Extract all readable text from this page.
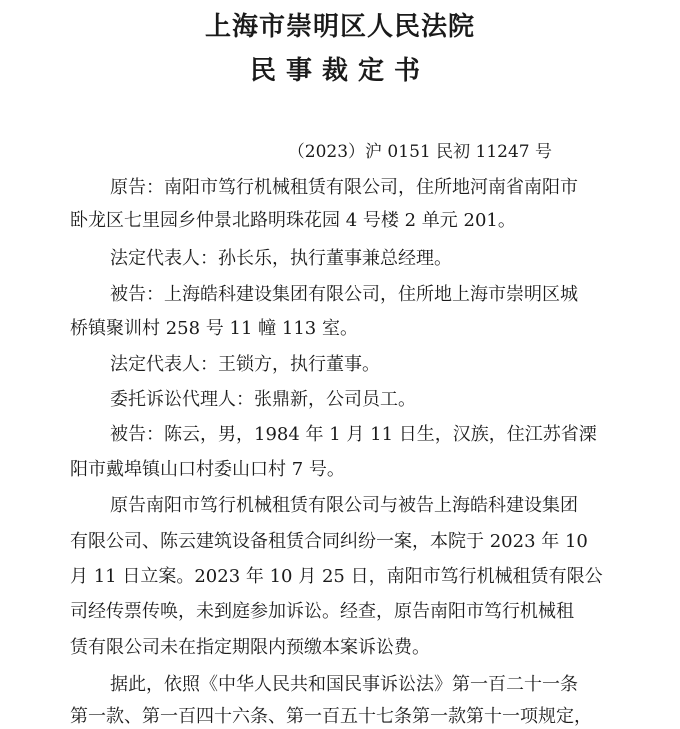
上海市崇明区人民法院
民事裁定书
（2023）沪 0151 民初 11247 号
原告：南阳市笃行机械租赁有限公司，住所地河南省南阳市
卧龙区七里园乡仲景北路明珠花园 4 号楼 2 单元 201。
法定代表人：孙长乐，执行董事兼总经理。
被告：上海皓科建设集团有限公司，住所地上海市崇明区城
桥镇聚训村 258 号 11 幢 113 室。
法定代表人：王锁方，执行董事。
委托诉讼代理人：张鼎新，公司员工。
被告：陈云，男，1984 年 1 月 11 日生，汉族，住江苏省溧
阳市戴埠镇山口村委山口村 7 号。
原告南阳市笃行机械租赁有限公司与被告上海皓科建设集团
有限公司、陈云建筑设备租赁合同纠纷一案，本院于 2023 年 10
月 11 日立案。2023 年 10 月 25 日，南阳市笃行机械租赁有限公
司经传票传唤，未到庭参加诉讼。经查，原告南阳市笃行机械租
赁有限公司未在指定期限内预缴本案诉讼费。
据此，依照《中华人民共和国民事诉讼法》第一百二十一条
第一款、第一百四十六条、第一百五十七条第一款第十一项规定，
